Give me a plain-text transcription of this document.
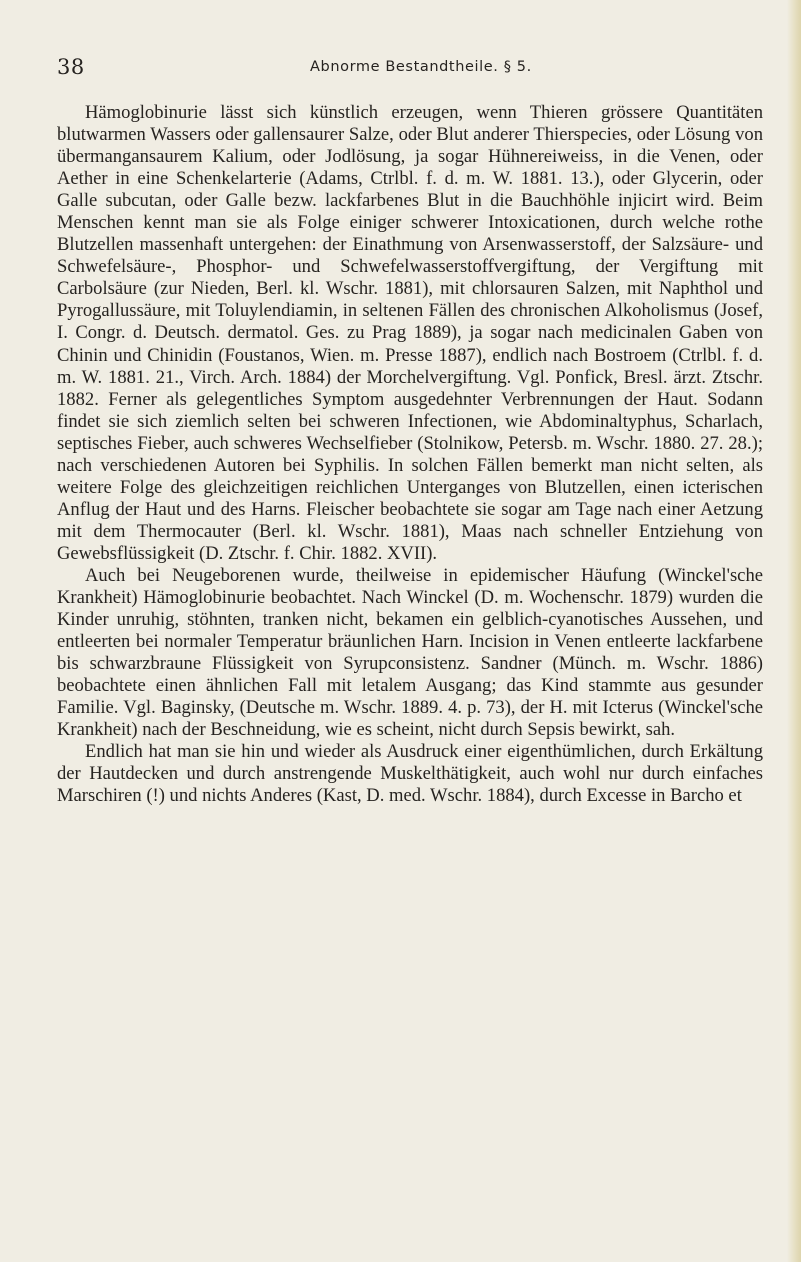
38	Abnorme Bestandtheile. § 5.

Hämoglobinurie lässt sich künstlich erzeugen, wenn Thieren grössere Quantitäten blutwarmen Wassers oder gallensaurer Salze, oder Blut anderer Thierspecies, oder Lösung von übermangansaurem Kalium, oder Jodlösung, ja sogar Hühnereiweiss, in die Venen, oder Aether in eine Schenkelarterie (Adams, Ctrlbl. f. d. m. W. 1881. 13.), oder Glycerin, oder Galle subcutan, oder Galle bezw. lackfarbenes Blut in die Bauchhöhle injicirt wird. Beim Menschen kennt man sie als Folge einiger schwerer Intoxicationen, durch welche rothe Blutzellen massenhaft untergehen: der Einathmung von Arsenwasserstoff, der Salzsäure- und Schwefelsäure-, Phosphor- und Schwefelwasserstoffvergiftung, der Vergiftung mit Carbolsäure (zur Nieden, Berl. kl. Wschr. 1881), mit chlorsauren Salzen, mit Naphthol und Pyrogallussäure, mit Toluylendiamin, in seltenen Fällen des chronischen Alkoholismus (Josef, I. Congr. d. Deutsch. dermatol. Ges. zu Prag 1889), ja sogar nach medicinalen Gaben von Chinin und Chinidin (Foustanos, Wien. m. Presse 1887), endlich nach Bostroem (Ctrlbl. f. d. m. W. 1881. 21., Virch. Arch. 1884) der Morchelvergiftung. Vgl. Ponfick, Bresl. ärzt. Ztschr. 1882. Ferner als gelegentliches Symptom ausgedehnter Verbrennungen der Haut. Sodann findet sie sich ziemlich selten bei schweren Infectionen, wie Abdominaltyphus, Scharlach, septisches Fieber, auch schweres Wechselfieber (Stolnikow, Petersb. m. Wschr. 1880. 27. 28.); nach verschiedenen Autoren bei Syphilis. In solchen Fällen bemerkt man nicht selten, als weitere Folge des gleichzeitigen reichlichen Unterganges von Blutzellen, einen icterischen Anflug der Haut und des Harns. Fleischer beobachtete sie sogar am Tage nach einer Aetzung mit dem Thermocauter (Berl. kl. Wschr. 1881), Maas nach schneller Entziehung von Gewebsflüssigkeit (D. Ztschr. f. Chir. 1882. XVII).

Auch bei Neugeborenen wurde, theilweise in epidemischer Häufung (Winckel'sche Krankheit) Hämoglobinurie beobachtet. Nach Winckel (D. m. Wochenschr. 1879) wurden die Kinder unruhig, stöhnten, tranken nicht, bekamen ein gelblich-cyanotisches Aussehen, und entleerten bei normaler Temperatur bräunlichen Harn. Incision in Venen entleerte lackfarbene bis schwarzbraune Flüssigkeit von Syrupconsistenz. Sandner (Münch. m. Wschr. 1886) beobachtete einen ähnlichen Fall mit letalem Ausgang; das Kind stammte aus gesunder Familie. Vgl. Baginsky, (Deutsche m. Wschr. 1889. 4. p. 73), der H. mit Icterus (Winckel'sche Krankheit) nach der Beschneidung, wie es scheint, nicht durch Sepsis bewirkt, sah.

Endlich hat man sie hin und wieder als Ausdruck einer eigenthümlichen, durch Erkältung der Hautdecken und durch anstrengende Muskelthätigkeit, auch wohl nur durch einfaches Marschiren (!) und nichts Anderes (Kast, D. med. Wschr. 1884), durch Excesse in Barcho et
